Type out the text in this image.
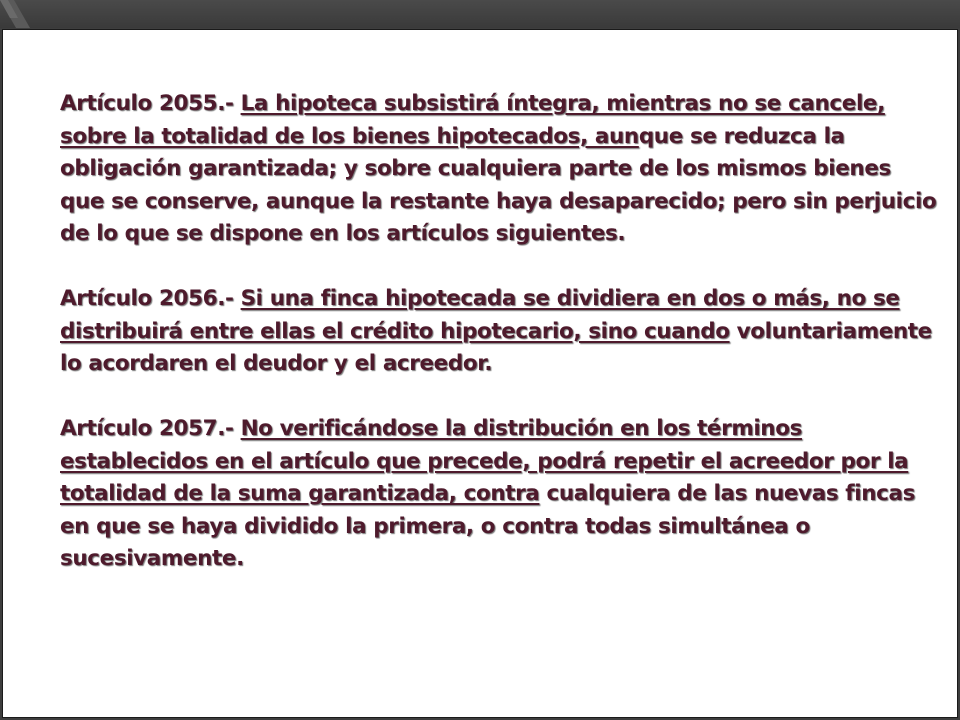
Artículo 2055.- La hipoteca subsistirá íntegra, mientras no se cancele, sobre la totalidad de los bienes hipotecados, aunque se reduzca la obligación garantizada; y sobre cualquiera parte de los mismos bienes que se conserve, aunque la restante haya desaparecido; pero sin perjuicio de lo que se dispone en los artículos siguientes.

Artículo 2056.- Si una finca hipotecada se dividiera en dos o más, no se distribuirá entre ellas el crédito hipotecario, sino cuando voluntariamente lo acordaren el deudor y el acreedor.

Artículo 2057.- No verificándose la distribución en los términos establecidos en el artículo que precede, podrá repetir el acreedor por la totalidad de la suma garantizada, contra cualquiera de las nuevas fincas en que se haya dividido la primera, o contra todas simultánea o sucesivamente.
